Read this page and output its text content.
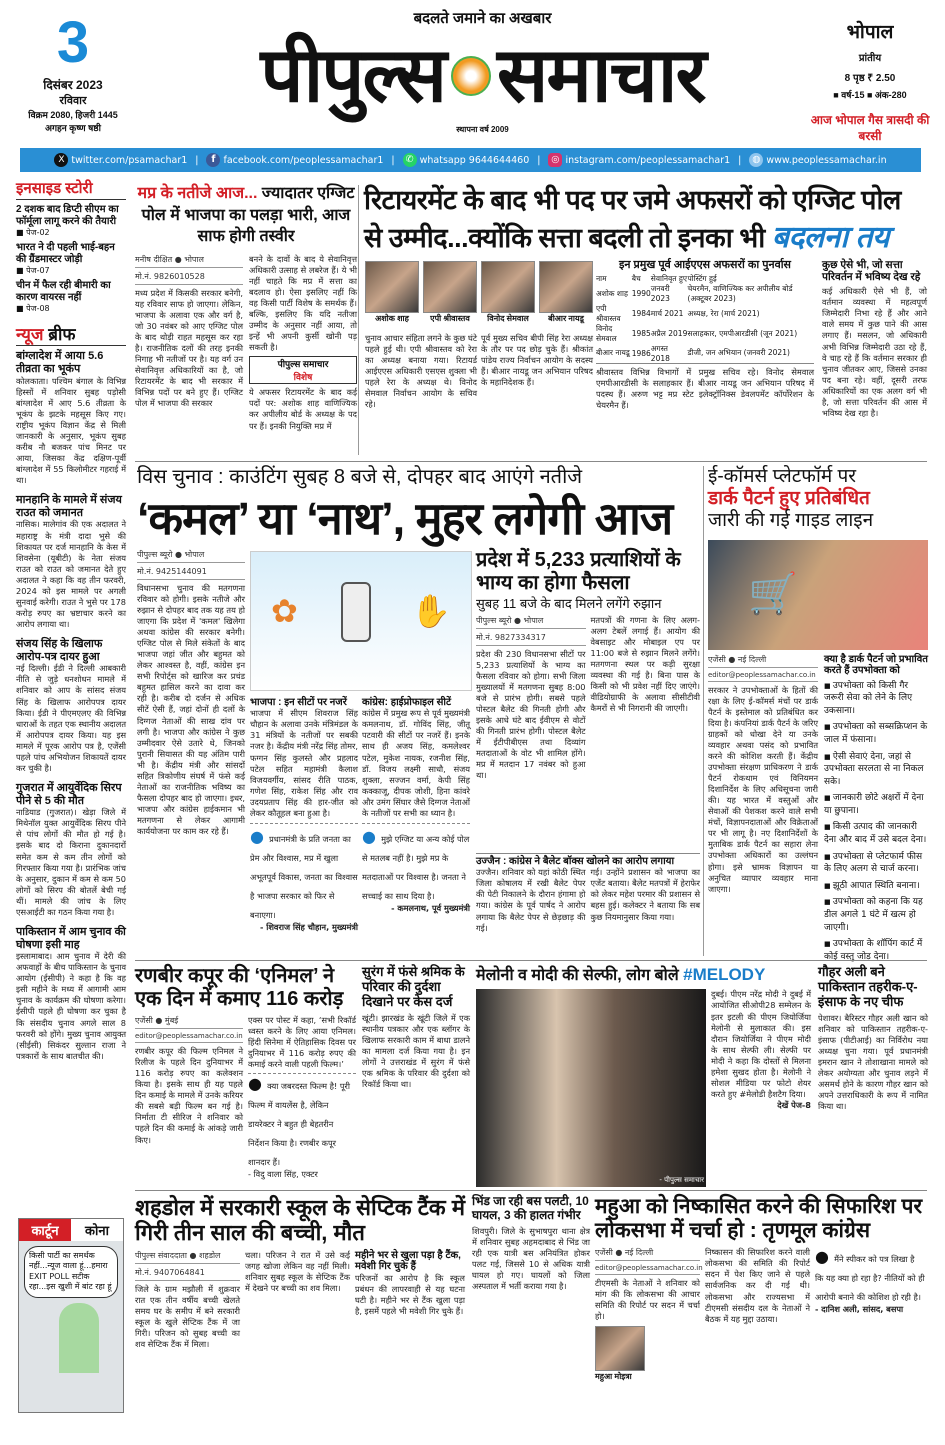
3
दिसंबर 2023
रविवार
विक्रम 2080, हिजरी 1445
अगहन कृष्ण षष्ठी
बदलते जमाने का अखबार
पीपुल्स समाचार
स्थापना वर्ष 2009
भोपाल
प्रांतीय
8 पृष्ठ ₹ 2.50
■ वर्ष-15 ■ अंक-280
आज भोपाल गैस त्रासदी की बरसी
X twitter.com/psamachar1 |	f facebook.com/peoplessamachar1 |	✆ whatsapp 9644644460 | ◎ instagram.com/peoplessamachar1 | ◍ www.peoplessamachar.in
इनसाइड स्टोरी
2 दशक बाद डिप्टी सीएम का फॉर्मूला लागू करने की तैयारी
■ पेज-02
भारत ने दी पहली भाई-बहन की ग्रैंडमास्टर जोड़ी
■ पेज-07
चीन में फैल रही बीमारी का कारण वायरस नहीं
■ पेज-08
न्यूज ब्रीफ
बांग्लादेश में आया 5.6 तीव्रता का भूकंप
कोलकाता। पश्चिम बंगाल के विभिन्न हिस्सों में शनिवार सुबह पड़ोसी बांग्लादेश में आए 5.6 तीव्रता के भूकंप के झटके महसूस किए गए। राष्ट्रीय भूकंप विज्ञान केंद्र से मिली जानकारी के अनुसार, भूकंप सुबह करीब नौ बजकर पांच मिनट पर आया, जिसका केंद्र दक्षिण-पूर्वी बांग्लादेश में 55 किलोमीटर गहराई में था।
मानहानि के मामले में संजय राउत को जमानत
नासिक। मालेगांव की एक अदालत ने महाराष्ट्र के मंत्री दादा भुसे की शिकायत पर दर्ज मानहानि के केस में शिवसेना (यूबीटी) के नेता संजय राउत को राउत को जमानत देते हुए अदालत ने कहा कि वह तीन फरवरी, 2024 को इस मामले पर अगली सुनवाई करेगी। राउत ने भुसे पर 178 करोड़ रुपए का भ्रष्टाचार करने का आरोप लगाया था।
संजय सिंह के खिलाफ आरोप-पत्र दायर हुआ
नई दिल्ली। ईडी ने दिल्ली आबकारी नीति से जुड़े धनशोधन मामले में शनिवार को आप के सांसद संजय सिंह के खिलाफ आरोपपत्र दायर किया। ईडी ने पीएमएलए की विभिन्न धाराओं के तहत एक स्थानीय अदालत में आरोपपत्र दायर किया। यह इस मामले में पूरक आरोप पत्र है, एजेंसी पहले पांच अभियोजन शिकायतें दायर कर चुकी है।
गुजरात में आयुर्वेदिक सिरप पीने से 5 की मौत
नाडियाड (गुजरात)। खेड़ा जिले में मिथेनॉल युक्त आयुर्वेदिक सिरप पीने से पांच लोगों की मौत हो गई है। इसके बाद दो किराना दुकानदारों समेत कम से कम तीन लोगों को गिरफ्तार किया गया है। प्रारंभिक जांच के अनुसार, दुकान में कम से कम 50 लोगों को सिरप की बोतलें बेची गई थीं। मामले की जांच के लिए एसआईटी का गठन किया गया है।
पाकिस्तान में आम चुनाव की घोषणा इसी माह
इस्लामाबाद। आम चुनाव में देरी की अफवाहों के बीच पाकिस्तान के चुनाव आयोग (ईसीपी) ने कहा है कि वह इसी महीने के मध्य में आगामी आम चुनाव के कार्यक्रम की घोषणा करेगा। ईसीपी पहले ही घोषणा कर चुका है कि संसदीय चुनाव अगले साल 8 फरवरी को होंगे। मुख्य चुनाव आयुक्त (सीईसी) सिकंदर सुल्तान राजा ने पत्रकारों के साथ बातचीत की।
कार्टून	कोना
किसी पार्टी का समर्थक नहीं...न्यूज वाला हूं...हमारा EXIT POLL सटीक रहा...इस खुशी में बांट रहा हूं
मप्र के नतीजे आज... ज्यादातर एग्जिट पोल में भाजपा का पलड़ा भारी, आज साफ होगी तस्वीर
मनीष दीक्षित ● भोपाल
मो.नं. 9826010528
मध्य प्रदेश में किसकी सरकार बनेगी, यह रविवार साफ हो जाएगा। लेकिन, भाजपा के अलावा एक और वर्ग है, जो 30 नवंबर को आए एग्जिट पोल के बाद थोड़ी राहत महसूस कर रहा है। राजनीतिक दलों की तरह इनकी निगाह भी नतीजों पर है। यह वर्ग उन सेवानिवृत्त अधिकारियों का है, जो रिटायरमेंट के बाद भी सरकार में विभिन्न पदों पर बने हुए हैं। एग्जिट पोल में भाजपा की सरकार
बनने के दावों के बाद ये सेवानिवृत्त अधिकारी उत्साह से लबरेज हैं। ये भी नहीं चाहते कि मप्र में सत्ता का बदलाव हो। ऐसा इसलिए नहीं कि वह किसी पार्टी विशेष के समर्थक हैं। बल्कि, इसलिए कि यदि नतीजा उम्मीद के अनुसार नहीं आया, तो इन्हें भी अपनी कुर्सी खोनी पड़ सकती है।
पीपुल्स समाचार
विशेष
ये अफसर रिटायरमेंट के बाद कई पदों पर: अशोक शाह वाणिज्यिक कर अपीलीय बोर्ड के अध्यक्ष के पद पर हैं। इनकी नियुक्ति मप्र में
रिटायरमेंट के बाद भी पद पर जमे अफसरों को एग्जिट पोल
से उम्मीद...क्योंकि सत्ता बदली तो इनका भी बदलना तय
अशोक शाह	एपी श्रीवास्तव	विनोद सेमवाल	बीआर नायडू
चुनाव आचार संहिता लगने के कुछ घंटे पहले हुई थी। एपी श्रीवास्तव को रेरा का अध्यक्ष बनाया गया। रिटायर्ड आईएएस अधिकारी एसएस शुक्ला भी पहले रेरा के अध्यक्ष थे। विनोद सेमवाल निर्वाचन आयोग के सचिव रहे।
पूर्व मुख्य सचिव बीपी सिंह रेरा अध्यक्ष के तौर पर पद छोड़ चुके हैं। श्रीकांत पांडेय राज्य निर्वाचन आयोग के सदस्य हैं। बीआर नायडू जन अभियान परिषद के महानिदेशक हैं।
इन प्रमुख पूर्व आईएएस अफसरों का पुनर्वास
नाम	बैच	सेवानिवृत हुए	पोस्टिंग हुई
अशोक शाह	1990	जनवरी 2023	चेयरमैन, वाणिज्यिक कर अपीलीय बोर्ड (अक्टूबर 2023)
एपी श्रीवास्तव	1984	मार्च 2021	अध्यक्ष, रेरा (मार्च 2021)
विनोद सेमवाल	1985	अप्रैल 2019	सलाहकार, एमपीआरडीसी (जून 2021)
बीआर नायडू	1986	अगस्त 2018	डीजी, जन अभियान (जनवरी 2021)
श्रीवास्तव विभिन्न विभागों में प्रमुख सचिव रहे। विनोद सेमवाल एमपीआरडीसी के सलाहकार हैं। बीआर नायडू जन अभियान परिषद में पदस्थ हैं। अरुण भट्ट मप्र स्टेट इलेक्ट्रॉनिक्स डेवलपमेंट कॉर्पोरेशन के चेयरमैन हैं।
कुछ ऐसे भी, जो सत्ता परिवर्तन में भविष्य देख रहे
कई अधिकारी ऐसे भी हैं, जो वर्तमान व्यवस्था में महत्वपूर्ण जिम्मेदारी निभा रहे हैं और आने वाले समय में कुछ पाने की आस लगाए हैं। मसलन, जो अधिकारी अभी विभिन्न जिम्मेदारी उठा रहे हैं, वे चाह रहे हैं कि वर्तमान सरकार ही चुनाव जीतकर आए, जिससे उनका पद बना रहे। वहीं, दूसरी तरफ अधिकारियों का एक अलग वर्ग भी है, जो सत्ता परिवर्तन की आस में भविष्य देख रहा है।
विस चुनाव : काउंटिंग सुबह 8 बजे से, दोपहर बाद आएंगे नतीजे
‘कमल’ या ‘नाथ’, मुहर लगेगी आज
पीपुल्स ब्यूरो ● भोपाल
मो.नं. 9425144091
विधानसभा चुनाव की मतगणना रविवार को होगी। इसके नतीजे और रुझान से दोपहर बाद तक यह तय हो जाएगा कि प्रदेश में 'कमल' खिलेगा अथवा कांग्रेस की सरकार बनेगी। एग्जिट पोल से मिले संकेतों के बाद भाजपा जहां जीत और बहुमत को लेकर आश्वस्त है, वहीं, कांग्रेस इन सभी रिपोर्ट्स को खारिज कर प्रचंड बहुमत हासिल करने का दावा कर रही है। करीब दो दर्जन से अधिक सीटें ऐसी हैं, जहां दोनों ही दलों के दिग्गज नेताओं की साख दांव पर लगी है। भाजपा और कांग्रेस ने कुछ उम्मीदवार ऐसे उतारे थे, जिनको पुरानी सियासत की यह अंतिम पारी भी है। केंद्रीय मंत्री और सांसदों सहित त्रिकोणीय संघर्ष में फंसे कई नेताओं का राजनीतिक भविष्य का फैसला दोपहर बाद हो जाएगा। इधर, भाजपा और कांग्रेस हाईकमान भी मतगणना से लेकर आगामी कार्ययोजना पर काम कर रहे हैं।
✿	✋
प्रदेश में 5,233 प्रत्याशियों के भाग्य का होगा फैसला
सुबह 11 बजे के बाद मिलने लगेंगे रुझान
पीपुल्स ब्यूरो ● भोपाल
मो.नं. 9827334317
प्रदेश की 230 विधानसभा सीटों पर 5,233 प्रत्याशियों के भाग्य का फैसला रविवार को होगा। सभी जिला मुख्यालयों में मतगणना सुबह 8:00 बजे से प्रारंभ होगी। सबसे पहले पोस्टल बैलेट की गिनती होगी और इसके आधे घंटे बाद ईवीएम से वोटों की गिनती प्रारंभ होगी। पोस्टल बैलेट में ईटीपीबीएस तथा दिव्यांग मतदाताओं के वोट भी शामिल होंगे। मप्र में मतदान 17 नवंबर को हुआ था।
मतपत्रों की गणना के लिए अलग-अलग टेबलें लगाई हैं। आयोग की वेबसाइट और मोबाइल एप पर 11:00 बजे से रुझान मिलने लगेंगे। मतगणना स्थल पर कड़ी सुरक्षा व्यवस्था की गई है। बिना पास के किसी को भी प्रवेश नहीं दिए जाएंगे। वीडियोग्राफी के अलावा सीसीटीवी कैमरों से भी निगरानी की जाएगी।
भाजपा : इन सीटों पर नजरें
भाजपा में सीएम शिवराज सिंह चौहान के अलावा उनके मंत्रिमंडल के 31 मंत्रियों के नतीजों पर सबकी नजर है। केंद्रीय मंत्री नरेंद्र सिंह तोमर, फग्गन सिंह कुलस्ते और प्रहलाद पटेल सहित महामंत्री कैलाश विजयवर्गीय, सांसद रीति पाठक, गणेश सिंह, राकेश सिंह और राव उदयप्रताप सिंह की हार-जीत को लेकर कौतूहल बना हुआ है।
● प्रधानमंत्री के प्रति जनता का प्रेम और विश्वास, मप्र में खुला अभूतपूर्व विकास, जनता का विश्वास है भाजपा सरकार को फिर से बनाएगा।
- शिवराज सिंह चौहान, मुख्यमंत्री
कांग्रेस: हाईप्रोफाइल सीटें
कांग्रेस में प्रमुख रूप से पूर्व मुख्यमंत्री कमलनाथ, डॉ. गोविंद सिंह, जीतू पटवारी की सीटों पर नजरें हैं। इनके साथ ही अजय सिंह, कमलेश्वर पटेल, मुकेश नायक, रजनीश सिंह, डॉ. विजय लक्ष्मी साधौ, संजय शुक्ला, सज्जन वर्मा, केपी सिंह कक्काजू, दीपक जोशी, हिना कांवरे और उमंग सिंघार जैसे दिग्गज नेताओं के नतीजों पर सभी का ध्यान है।
● मुझे एग्जिट या अन्य कोई पोल से मतलब नहीं है। मुझे मप्र के मतदाताओं पर विश्वास है। जनता ने सच्चाई का साथ दिया है।
- कमलनाथ, पूर्व मुख्यमंत्री
उज्जैन : कांग्रेस ने बैलेट बॉक्स खोलने का आरोप लगाया
उज्जैन। शनिवार को यहां कोठी स्थित जिला कोषालय में रखी बैलेट पेपर की पेटी निकालने के दौरान हंगामा हो गया। कांग्रेस के पूर्व पार्षद ने आरोप लगाया कि बैलेट पेपर से छेड़छाड़ की गई।
गई। उन्होंने प्रशासन को भाजपा का एजेंट बताया। बैलेट मतपत्रों में हेराफेर को लेकर महेश परमार की प्रशासन से बहस हुई। कलेक्टर ने बताया कि सब कुछ नियमानुसार किया गया।
ई-कॉमर्स प्लेटफॉर्म पर
डार्क पैटर्न हुए प्रतिबंधित
जारी की गई गाइड लाइन
🛒
एजेंसी ● नई दिल्ली
editor@peoplessamachar.co.in
सरकार ने उपभोक्ताओं के हितों की रक्षा के लिए ई-कॉमर्स मंचों पर डार्क पैटर्न के इस्तेमाल को प्रतिबंधित कर दिया है। कंपनियां डार्क पैटर्न के जरिए ग्राहकों को धोखा देने या उनके व्यवहार अथवा पसंद को प्रभावित करने की कोशिश करती हैं। केंद्रीय उपभोक्ता संरक्षण प्राधिकरण ने डार्क पैटर्न रोकथाम एवं विनियमन दिशानिर्देश के लिए अधिसूचना जारी की। यह भारत में वस्तुओं और सेवाओं की पेशकश करने वाले सभी मंचों, विज्ञापनदाताओं और विक्रेताओं पर भी लागू है। नए दिशानिर्देशों के मुताबिक डार्क पैटर्न का सहारा लेना उपभोक्ता अधिकारों का उल्लंघन होगा। इसे भ्रामक विज्ञापन या अनुचित व्यापार व्यवहार माना जाएगा।
क्या है डार्क पैटर्न जो प्रभावित करते हैं उपभोक्ता को
■ उपभोक्ता को किसी गैर जरूरी सेवा को लेने के लिए उकसाना।
■ उपभोक्ता को सब्सक्रिप्शन के जाल में फंसाना।
■ ऐसी सेवाएं देना, जहां से उपभोक्ता सरलता से ना निकल सके।
■ जानकारी छोटे अक्षरों में देना या छुपाना।
■ किसी उत्पाद की जानकारी देना और बाद में उसे बदल देना।
■ उपभोक्ता से प्लेटफार्म फीस के लिए अलग से चार्ज करना।
■ झूठी आपात स्थिति बनाना।
■ उपभोक्ता को कहना कि यह डील अगले 1 घंटे में खत्म हो जाएगी।
■ उपभोक्ता के शॉपिंग कार्ट में कोई वस्तु जोड़ देना।
रणबीर कपूर की ‘एनिमल’ ने एक दिन में कमाए 116 करोड़
एजेंसी ● मुंबई
editor@peoplessamachar.co.in
रणबीर कपूर की फिल्म एनिमल ने रिलीज के पहले दिन दुनियाभर में 116 करोड़ रुपए का कलेक्शन किया है। इसके साथ ही यह पहले दिन कमाई के मामले में उनके करियर की सबसे बड़ी फिल्म बन गई है। निर्माता टी सीरिज ने शनिवार को पहले दिन की कमाई के आंकड़े जारी किए।
एक्स पर पोस्ट में कहा, ‘सभी रिकॉर्ड ध्वस्त करने के लिए आया एनिमल। हिंदी सिनेमा में ऐतिहासिक दिवस पर दुनियाभर में 116 करोड़ रुपए की कमाई करने वाली पहली फिल्म।’
● क्या जबरदस्त फिल्म है! पूरी फिल्म में वायलेंस है, लेकिन डायरेक्टर ने बहुत ही बेहतरीन निर्देशन किया है। रणबीर कपूर शानदार हैं।
- विदु वाला सिंह, एक्टर
सुरंग में फंसे श्रमिक के परिवार की दुर्दशा दिखाने पर केस दर्ज
खूंटी। झारखंड के खूंटी जिले में एक स्थानीय पत्रकार और एक ब्लॉगर के खिलाफ सरकारी काम में बाधा डालने का मामला दर्ज किया गया है। इन लोगों ने उत्तराखंड में सुरंग में फंसे एक श्रमिक के परिवार की दुर्दशा को रिकॉर्ड किया था।
मेलोनी व मोदी की सेल्फी, लोग बोले #MELODY
- पीपुल्स समाचार
दुबई। पीएम नरेंद्र मोदी ने दुबई में आयोजित सीओपी28 सम्मेलन के इतर इटली की पीएम जियोर्जिया मेलोनी से मुलाकात की। इस दौरान जियोर्जिया ने पीएम मोदी के साथ सेल्फी ली। सेल्फी पर मोदी ने कहा कि दोस्तों से मिलना हमेशा सुखद होता है। मेलोनी ने सोशल मीडिया पर फोटो शेयर करते हुए #मेलोडी हैशटैग दिया।
देखें पेज-8
गौहर अली बने पाकिस्तान तहरीक-ए-इंसाफ के नए चीफ
पेशावर। बैरिस्टर गौहर अली खान को शनिवार को पाकिस्तान तहरीक-ए-इंसाफ (पीटीआई) का निर्विरोध नया अध्यक्ष चुना गया। पूर्व प्रधानमंत्री इमरान खान ने तोशाखाना मामले को लेकर अयोग्यता और चुनाव लड़ने में असमर्थ होने के कारण गौहर खान को अपने उत्तराधिकारी के रूप में नामित किया था।
शहडोल में सरकारी स्कूल के सेप्टिक टैंक में गिरी तीन साल की बच्ची, मौत
पीपुल्स संवाददाता ● शहडोल
मो.नं. 9407064841
जिले के ग्राम मझौली में शुक्रवार रात एक तीन वर्षीय बच्ची खेलते समय घर के समीप में बने सरकारी स्कूल के खुले सेप्टिक टैंक में जा गिरी। परिजन को सुबह बच्ची का शव सेप्टिक टैंक में मिला।
चला। परिजन ने रात में उसे कई जगह खोजा लेकिन वह नहीं मिली। शनिवार सुबह स्कूल के सेप्टिक टैंक में देखने पर बच्ची का शव मिला।
महीने भर से खुला पड़ा है टैंक, मवेशी गिर चुके हैं
परिजनों का आरोप है कि स्कूल प्रबंधन की लापरवाही से यह घटना घटी है। महीने भर से टैंक खुला पड़ा है, इसमें पहले भी मवेशी गिर चुके हैं।
भिंड जा रही बस पलटी, 10 घायल, 3 की हालत गंभीर
शिवपुरी। जिले के सुभाषपुरा थाना क्षेत्र में शनिवार सुबह अहमदाबाद से भिंड जा रही एक यात्री बस अनियंत्रित होकर पलट गई, जिससे 10 से अधिक यात्री घायल हो गए। घायलों को जिला अस्पताल में भर्ती कराया गया है।
महुआ को निष्कासित करने की सिफारिश पर लोकसभा में चर्चा हो : तृणमूल कांग्रेस
एजेंसी ● नई दिल्ली
editor@peoplessamachar.co.in
टीएमसी के नेताओं ने शनिवार को मांग की कि लोकसभा की आचार समिति की रिपोर्ट पर सदन में चर्चा हो।
महुआ मोइत्रा
निष्कासन की सिफारिश करने वाली लोकसभा की समिति की रिपोर्ट सदन में पेश किए जाने से पहले सार्वजनिक कर दी गई थी। लोकसभा और राज्यसभा में टीएमसी संसदीय दल के नेताओं ने बैठक में यह मुद्दा उठाया।
● मैंने स्पीकर को पत्र लिखा है कि यह क्या हो रहा है? नीतियों को ही आरोपी बनाने की कोशिश हो रही है।
- दानिश अली, सांसद, बसपा
